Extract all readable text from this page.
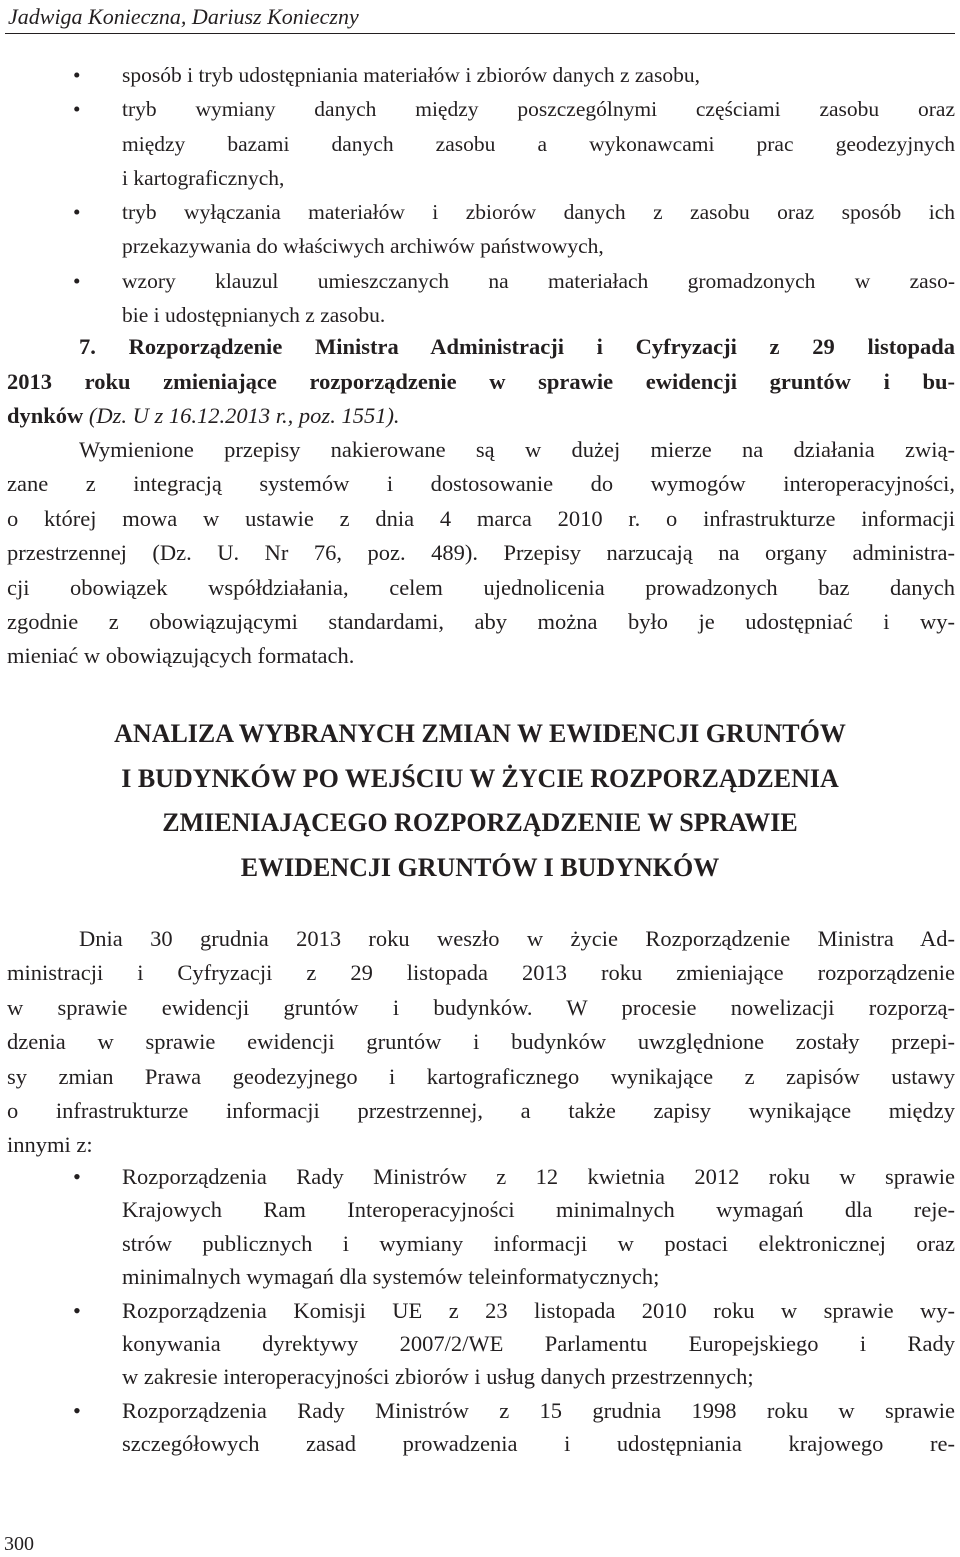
Jadwiga Konieczna, Dariusz Konieczny
• sposób i tryb udostępniania materiałów i zbiorów danych z zasobu,
• tryb wymiany danych między poszczególnymi częściami zasobu oraz
między bazami danych zasobu a wykonawcami prac geodezyjnych
i kartograficznych,
• tryb wyłączania materiałów i zbiorów danych z zasobu oraz sposób ich
przekazywania do właściwych archiwów państwowych,
• wzory klauzul umieszczanych na materiałach gromadzonych w zaso-
bie i udostępnianych z zasobu.
7. Rozporządzenie Ministra Administracji i Cyfryzacji z 29 listopada
2013 roku zmieniające rozporządzenie w sprawie ewidencji gruntów i bu-
dynków (Dz. U z 16.12.2013 r., poz. 1551).
Wymienione przepisy nakierowane są w dużej mierze na działania zwią-
zane z integracją systemów i dostosowanie do wymogów interoperacyjności,
o której mowa w ustawie z dnia 4 marca 2010 r. o infrastrukturze informacji
przestrzennej (Dz. U. Nr 76, poz. 489). Przepisy narzucają na organy administra-
cji obowiązek współdziałania, celem ujednolicenia prowadzonych baz danych
zgodnie z obowiązującymi standardami, aby można było je udostępniać i wy-
mieniać w obowiązujących formatach.
ANALIZA WYBRANYCH ZMIAN W EWIDENCJI GRUNTÓW
I BUDYNKÓW PO WEJŚCIU W ŻYCIE ROZPORZĄDZENIA
ZMIENIAJĄCEGO ROZPORZĄDZENIE W SPRAWIE
EWIDENCJI GRUNTÓW I BUDYNKÓW
Dnia 30 grudnia 2013 roku weszło w życie Rozporządzenie Ministra Ad-
ministracji i Cyfryzacji z 29 listopada 2013 roku zmieniające rozporządzenie
w sprawie ewidencji gruntów i budynków. W procesie nowelizacji rozporzą-
dzenia w sprawie ewidencji gruntów i budynków uwzględnione zostały przepi-
sy zmian Prawa geodezyjnego i kartograficznego wynikające z zapisów ustawy
o infrastrukturze informacji przestrzennej, a także zapisy wynikające między
innymi z:
• Rozporządzenia Rady Ministrów z 12 kwietnia 2012 roku w sprawie
Krajowych Ram Interoperacyjności minimalnych wymagań dla reje-
strów publicznych i wymiany informacji w postaci elektronicznej oraz
minimalnych wymagań dla systemów teleinformatycznych;
• Rozporządzenia Komisji UE z 23 listopada 2010 roku w sprawie wy-
konywania dyrektywy 2007/2/WE Parlamentu Europejskiego i Rady
w zakresie interoperacyjności zbiorów i usług danych przestrzennych;
• Rozporządzenia Rady Ministrów z 15 grudnia 1998 roku w sprawie
szczegółowych zasad prowadzenia i udostępniania krajowego re-
300
